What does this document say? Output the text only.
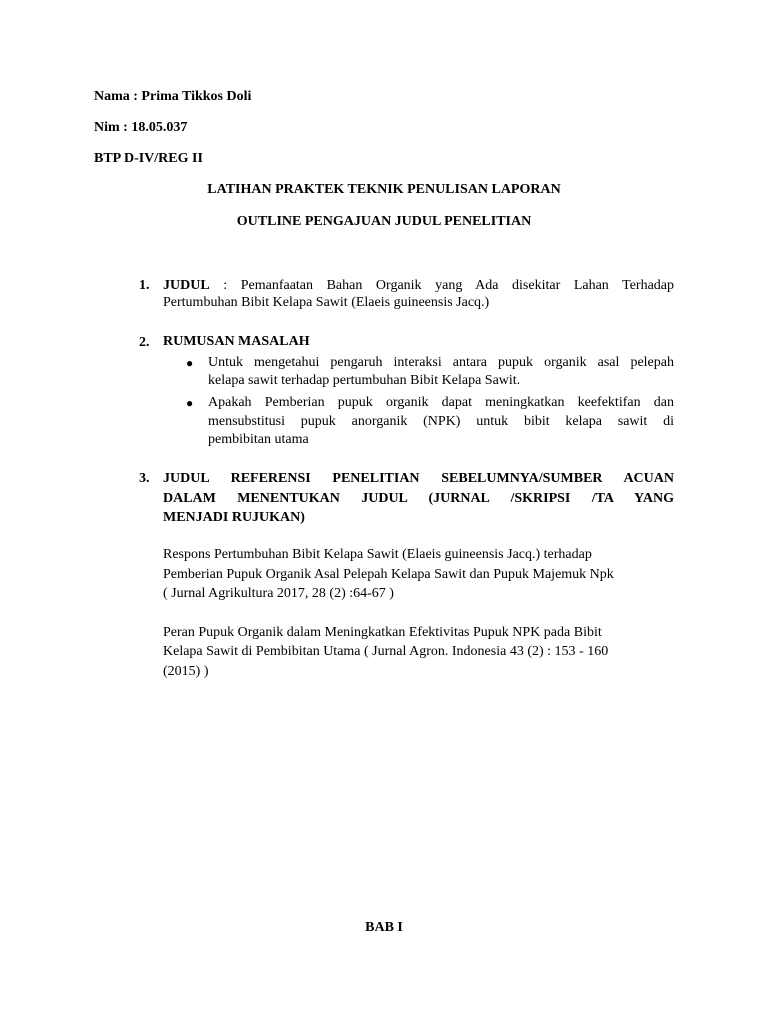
Nama : Prima Tikkos Doli
Nim : 18.05.037
BTP D-IV/REG II
LATIHAN PRAKTEK TEKNIK PENULISAN LAPORAN
OUTLINE PENGAJUAN JUDUL PENELITIAN
1. JUDUL : Pemanfaatan Bahan Organik yang Ada disekitar Lahan Terhadap
Pertumbuhan Bibit Kelapa Sawit (Elaeis guineensis Jacq.)
2. RUMUSAN MASALAH
● Untuk mengetahui pengaruh interaksi antara pupuk organik asal pelepah
kelapa sawit terhadap pertumbuhan Bibit Kelapa Sawit.
● Apakah Pemberian pupuk organik dapat meningkatkan keefektifan dan
mensubstitusi pupuk anorganik (NPK) untuk bibit kelapa sawit di
pembibitan utama
3. JUDUL REFERENSI PENELITIAN SEBELUMNYA/SUMBER ACUAN
DALAM MENENTUKAN JUDUL (JURNAL /SKRIPSI /TA YANG
MENJADI RUJUKAN)
Respons Pertumbuhan Bibit Kelapa Sawit (Elaeis guineensis Jacq.) terhadap
Pemberian Pupuk Organik Asal Pelepah Kelapa Sawit dan Pupuk Majemuk Npk
( Jurnal Agrikultura 2017, 28 (2) :64-67 )
Peran Pupuk Organik dalam Meningkatkan Efektivitas Pupuk NPK pada Bibit
Kelapa Sawit di Pembibitan Utama ( Jurnal Agron. Indonesia 43 (2) : 153 - 160
(2015) )
BAB I
